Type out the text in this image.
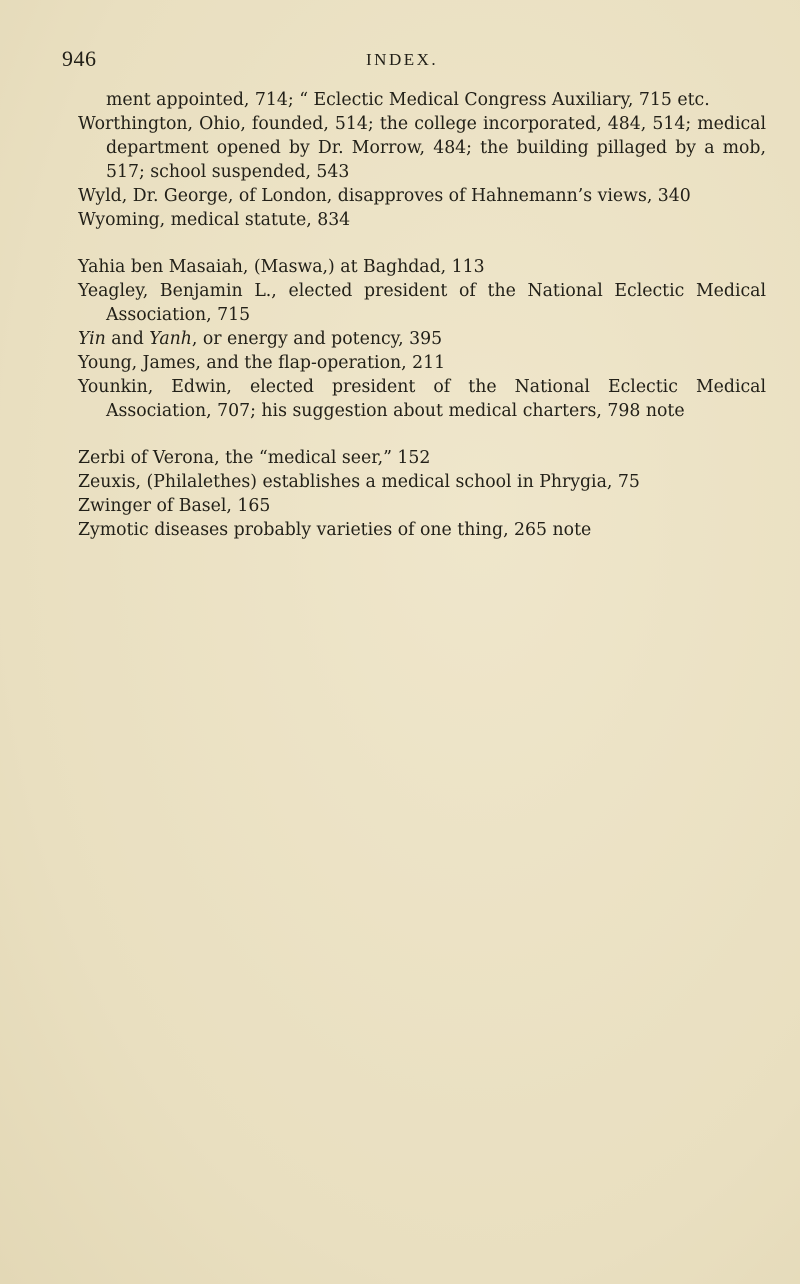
946	INDEX.

ment appointed, 714; “ Eclectic Medical Congress Auxiliary, 715 etc.

Worthington, Ohio, founded, 514; the college incorporated, 484, 514; medical department opened by Dr. Morrow, 484; the building pillaged by a mob, 517; school suspended, 543

Wyld, Dr. George, of London, disapproves of Hahnemann’s views, 340

Wyoming, medical statute, 834

Yahia ben Masaiah, (Maswa,) at Baghdad, 113

Yeagley, Benjamin L., elected president of the National Eclectic Medical Association, 715

Yin and Yanh, or energy and potency, 395

Young, James, and the flap-operation, 211

Younkin, Edwin, elected president of the National Eclectic Medical Association, 707; his suggestion about medical charters, 798 note

Zerbi of Verona, the “medical seer,” 152

Zeuxis, (Philalethes) establishes a medical school in Phrygia, 75

Zwinger of Basel, 165

Zymotic diseases probably varieties of one thing, 265 note
